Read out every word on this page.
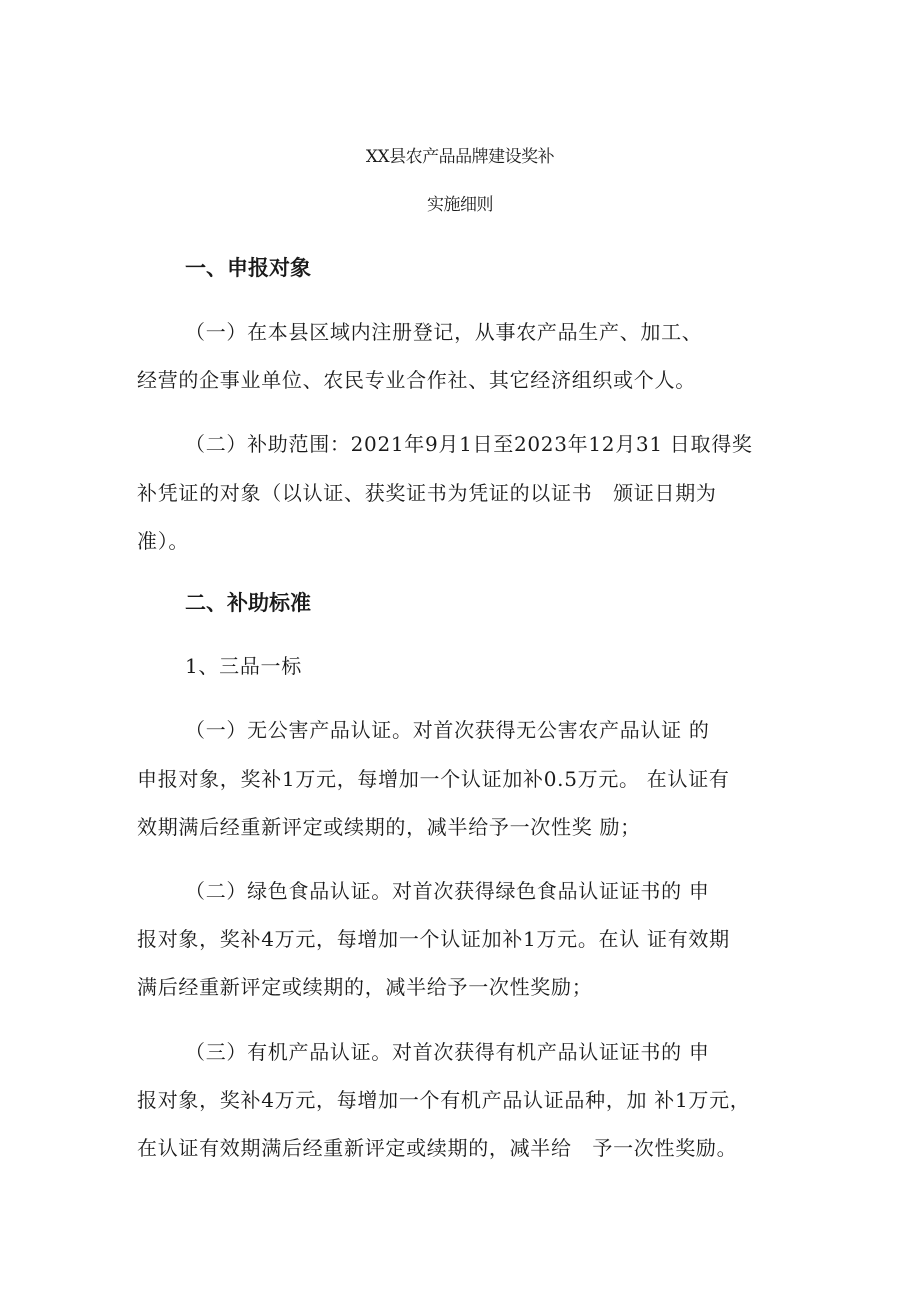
XX县农产品品牌建设奖补
实施细则
一、申报对象
（一）在本县区域内注册登记，从事农产品生产、加工、
经营的企事业单位、农民专业合作社、其它经济组织或个人。
（二）补助范围：2021年9月1日至2023年12月31 日取得奖
补凭证的对象（以认证、获奖证书为凭证的以证书　颁证日期为
准）。
二、补助标准
1、三品一标
（一）无公害产品认证。对首次获得无公害农产品认证 的
申报对象，奖补1万元，每增加一个认证加补0.5万元。 在认证有
效期满后经重新评定或续期的，减半给予一次性奖 励；
（二）绿色食品认证。对首次获得绿色食品认证证书的 申
报对象，奖补4万元，每增加一个认证加补1万元。在认 证有效期
满后经重新评定或续期的，减半给予一次性奖励；
（三）有机产品认证。对首次获得有机产品认证证书的 申
报对象，奖补4万元，每增加一个有机产品认证品种，加 补1万元，
在认证有效期满后经重新评定或续期的，减半给　予一次性奖励。
